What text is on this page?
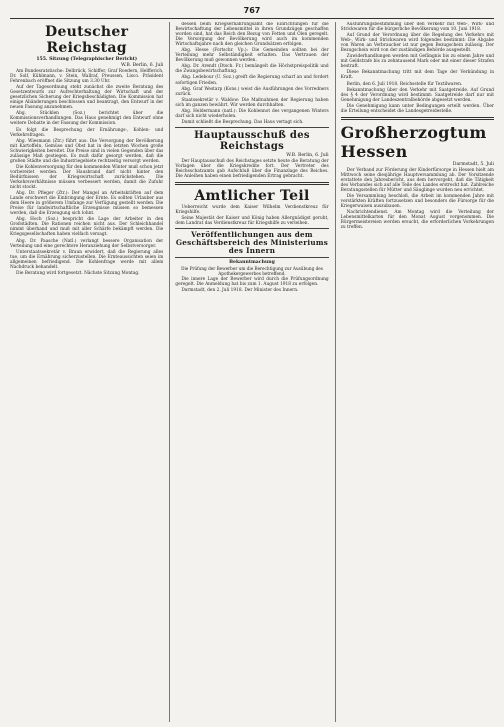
767
Deutscher Reichstag
155. Sitzung (Telegraphischer Bericht)
W.B. Berlin, 6. Juli
Am Bundesratstische: Delbrück, Schiffer, Graf Roedern, Helfferich, Dr. Solf, Kühlmann, v. Stein, Wallraf, Preussen, Lisco. Präsident Fehrenbach eröffnet die Sitzung um 3.30 Uhr.
Auf der Tagesordnung steht zunächst die zweite Beratung des Gesetzentwurfs zur Aufrechterhaltung der Wirtschaft und der gesetzlichen Sicherung der Kriegsbeschädigten. Die Kommission hat einige Abänderungen beschlossen und beantragt, den Entwurf in der neuen Fassung anzunehmen.
Abg. Stücklen (Soz.) berichtet über die Kommissionsverhandlungen. Das Haus genehmigt den Entwurf ohne weitere Debatte in der Fassung der Kommission.
Es folgt die Besprechung der Ernährungs-, Kohlen- und Verkehrsfragen.
Abg. Wiesmann (Ztr.) führt aus: Die Versorgung der Bevölkerung mit Kartoffeln, Gemüse und Obst hat in den letzten Wochen große Schwierigkeiten bereitet. Die Preise sind in vielen Gegenden über das zulässige Maß gestiegen. Es muß dafür gesorgt werden, daß die großen Städte und die Industriegebiete rechtzeitig versorgt werden.
Die Kohlenversorgung für den kommenden Winter muß schon jetzt vorbereitet werden. Der Hausbrand darf nicht hinter den Bedürfnissen der Kriegswirtschaft zurückstehen. Die Verkehrsverhältnisse müssen verbessert werden, damit die Zufuhr nicht stockt.
Abg. Dr. Pfleger (Ztr.): Der Mangel an Arbeitskräften auf dem Lande erschwert die Einbringung der Ernte. Es sollten Urlauber aus dem Heere in größerem Umfange zur Verfügung gestellt werden. Die Preise für landwirtschaftliche Erzeugnisse müssen so bemessen werden, daß die Erzeugung sich lohnt.
Abg. Hoch (Soz.) bespricht die Lage der Arbeiter in den Großstädten. Die Rationen reichen nicht aus. Der Schleichhandel nimmt überhand und muß mit aller Schärfe bekämpft werden. Die Kriegsgesellschaften haben vielfach versagt.
Abg. Dr. Paasche (Natl.) verlangt bessere Organisation der Verteilung und eine gerechtere Heranziehung der Selbstversorger.
Unterstaatssekretär v. Braun erwidert, daß die Regierung alles tue, um die Ernährung sicherzustellen. Die Ernteaussichten seien im allgemeinen befriedigend. Die Kohlenfrage werde mit allem Nachdruck behandelt.
Die Beratung wird fortgesetzt. Nächste Sitzung Montag.
dessen beim Kriegsernährungsamt die Einrichtungen für die Bewirtschaftung der Lebensmittel in ihren Grundzügen geschaffen worden sind, hat das Reich den Bezug von Fetten und Ölen geregelt. Die Versorgung der Bevölkerung wird auch im kommenden Wirtschaftsjahre nach den gleichen Grundsätzen erfolgen.
Abg. Hesse (Fortschr. Vp.): Die Gemeinden sollten bei der Verteilung mehr Selbständigkeit erhalten. Das Vertrauen der Bevölkerung muß gewonnen werden.
Abg. Dr. Arendt (Dtsch. Fr.) bemängelt die Höchstpreispolitik und die Zwangsbewirtschaftung.
Abg. Ledebour (U. Soz.) greift die Regierung scharf an und fordert sofortigen Frieden.
Abg. Graf Westarp (Kons.) weist die Ausführungen des Vorredners zurück.
Staatssekretär v. Waldow: Die Maßnahmen der Regierung haben sich im ganzen bewährt. Wir werden durchhalten.
Abg. Heldermann (natl.): Die Kohlennot des vergangenen Winters darf sich nicht wiederholen.
Damit schließt die Besprechung. Das Haus vertagt sich.
Hauptausschuß des Reichstags
W.B. Berlin, 6. Juli
Der Hauptausschuß des Reichstages setzte heute die Beratung der Vorlagen über die Kriegskredite fort. Der Vertreter des Reichsschatzamts gab Aufschluß über die Finanzlage des Reiches. Die Anleihen haben einen befriedigenden Ertrag gebracht.
Amtlicher Teil
Ueberreicht wurde dem Kaiser Wilhelm Verdienstkreuz für Kriegshilfe.
Seine Majestät der Kaiser und König haben Allergnädigst geruht, dem Landrat das Verdienstkreuz für Kriegshilfe zu verleihen.
Veröffentlichungen aus dem Geschäftsbereich des Ministeriums des Innern
Bekanntmachung
Die Prüfung der Bewerber um die Berechtigung zur Ausübung des Apothekergewerbes betreffend.
Die innere Lage der Bewerber wird durch die Prüfungsordnung geregelt. Die Anmeldung hat bis zum 1. August 1918 zu erfolgen.
Darmstadt, den 2. Juli 1918. Der Minister des Innern.
Ausführungsbestimmung über den Verkehr mit Web-, Wirk- und Strickwaren für die bürgerliche Bevölkerung vom 10. Juni 1918.
Auf Grund der Verordnung über die Regelung des Verkehrs mit Web-, Wirk- und Strickwaren wird folgendes bestimmt: Die Abgabe von Waren an Verbraucher ist nur gegen Bezugschein zulässig. Der Bezugschein wird von der zuständigen Behörde ausgestellt.
Zuwiderhandlungen werden mit Gefängnis bis zu einem Jahre und mit Geldstrafe bis zu zehntausend Mark oder mit einer dieser Strafen bestraft.
Diese Bekanntmachung tritt mit dem Tage der Verkündung in Kraft.
Berlin, den 6. Juli 1918. Reichsstelle für Textilwaren.
Bekanntmachung über den Verkehr mit Saatgetreide. Auf Grund des § 4 der Verordnung wird bestimmt: Saatgetreide darf nur mit Genehmigung der Landeszentralbehörde abgesetzt werden.
Die Genehmigung kann unter Bedingungen erteilt werden. Über die Erteilung entscheidet die Landesgetreidestelle.
Großherzogtum Hessen
Darmstadt, 5. Juli
Der Verband zur Förderung der Kinderfürsorge in Hessen hielt am Mittwoch seine diesjährige Hauptversammlung ab. Der Vorsitzende erstattete den Jahresbericht, aus dem hervorgeht, daß die Tätigkeit des Verbandes sich auf alle Teile des Landes erstreckt hat. Zahlreiche Beratungsstellen für Mütter und Säuglinge wurden neu errichtet.
Die Versammlung beschloß, die Arbeit im kommenden Jahre mit verstärkten Kräften fortzusetzen und besonders die Fürsorge für die Kriegerwaisen auszubauen.
Nachrichtendienst. Am Montag wird die Verteilung der Lebensmittelkarten für den Monat August vorgenommen. Die Bürgermeistereien werden ersucht, die erforderlichen Vorkehrungen zu treffen.
